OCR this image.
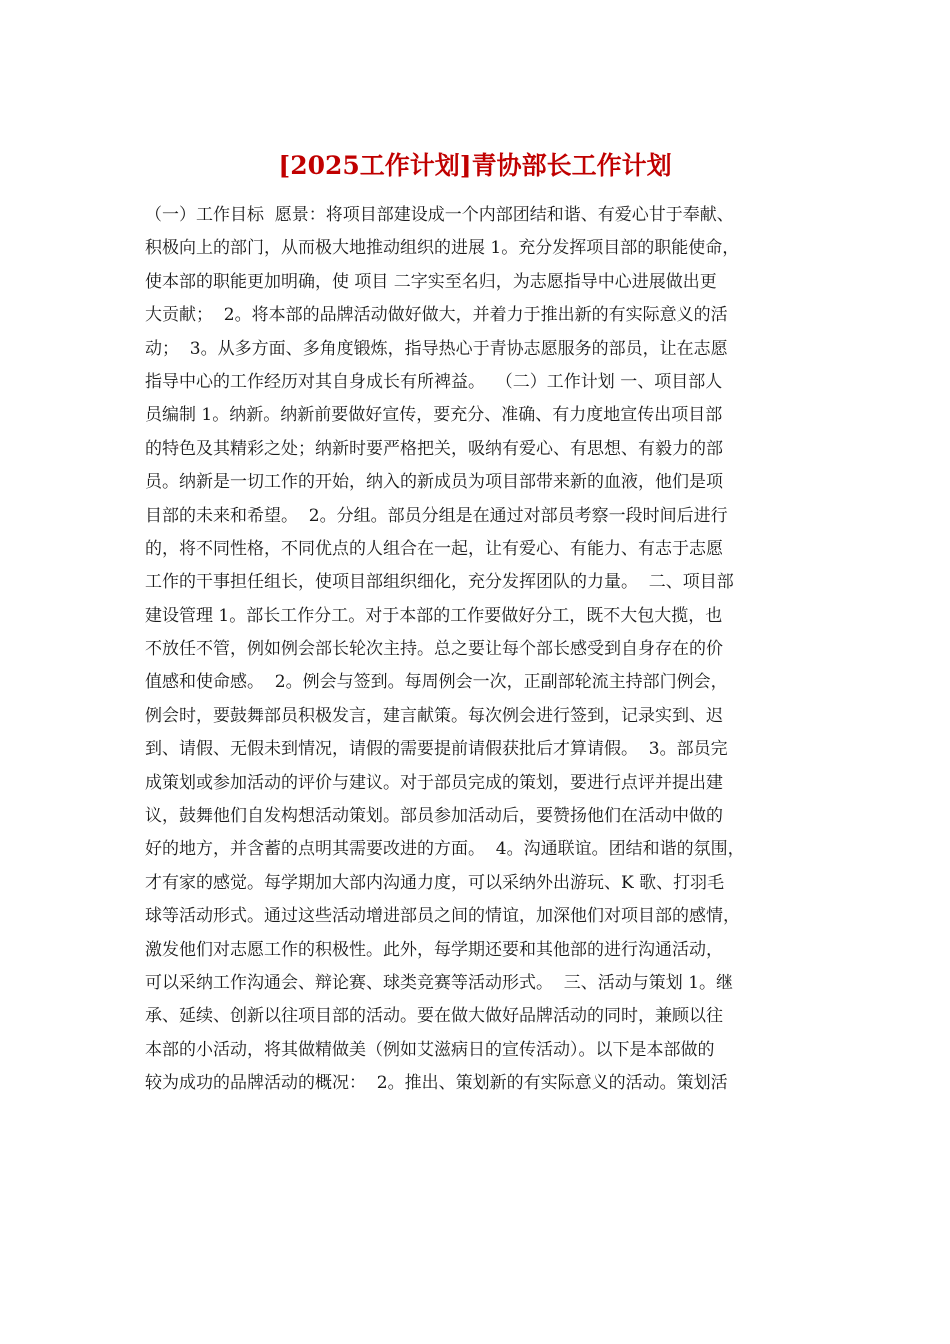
[2025工作计划]青协部长工作计划
（一）工作目标  愿景：将项目部建设成一个内部团结和谐、有爱心甘于奉献、
积极向上的部门，从而极大地推动组织的进展 1。充分发挥项目部的职能使命，
使本部的职能更加明确，使 项目 二字实至名归，为志愿指导中心进展做出更
大贡献；  2。将本部的品牌活动做好做大，并着力于推出新的有实际意义的活
动；  3。从多方面、多角度锻炼，指导热心于青协志愿服务的部员，让在志愿
指导中心的工作经历对其自身成长有所裨益。  （二）工作计划 一、项目部人
员编制 1。纳新。纳新前要做好宣传，要充分、准确、有力度地宣传出项目部
的特色及其精彩之处；纳新时要严格把关，吸纳有爱心、有思想、有毅力的部
员。纳新是一切工作的开始，纳入的新成员为项目部带来新的血液，他们是项
目部的未来和希望。  2。分组。部员分组是在通过对部员考察一段时间后进行
的，将不同性格，不同优点的人组合在一起，让有爱心、有能力、有志于志愿
工作的干事担任组长，使项目部组织细化，充分发挥团队的力量。  二、项目部
建设管理 1。部长工作分工。对于本部的工作要做好分工，既不大包大揽，也
不放任不管，例如例会部长轮次主持。总之要让每个部长感受到自身存在的价
值感和使命感。  2。例会与签到。每周例会一次，正副部轮流主持部门例会，
例会时，要鼓舞部员积极发言，建言献策。每次例会进行签到，记录实到、迟
到、请假、无假未到情况，请假的需要提前请假获批后才算请假。  3。部员完
成策划或参加活动的评价与建议。对于部员完成的策划，要进行点评并提出建
议，鼓舞他们自发构想活动策划。部员参加活动后，要赞扬他们在活动中做的
好的地方，并含蓄的点明其需要改进的方面。  4。沟通联谊。团结和谐的氛围，
才有家的感觉。每学期加大部内沟通力度，可以采纳外出游玩、K 歌、打羽毛
球等活动形式。通过这些活动增进部员之间的情谊，加深他们对项目部的感情，
激发他们对志愿工作的积极性。此外，每学期还要和其他部的进行沟通活动，
可以采纳工作沟通会、辩论赛、球类竞赛等活动形式。  三、活动与策划 1。继
承、延续、创新以往项目部的活动。要在做大做好品牌活动的同时，兼顾以往
本部的小活动，将其做精做美（例如艾滋病日的宣传活动）。以下是本部做的
较为成功的品牌活动的概况：  2。推出、策划新的有实际意义的活动。策划活
